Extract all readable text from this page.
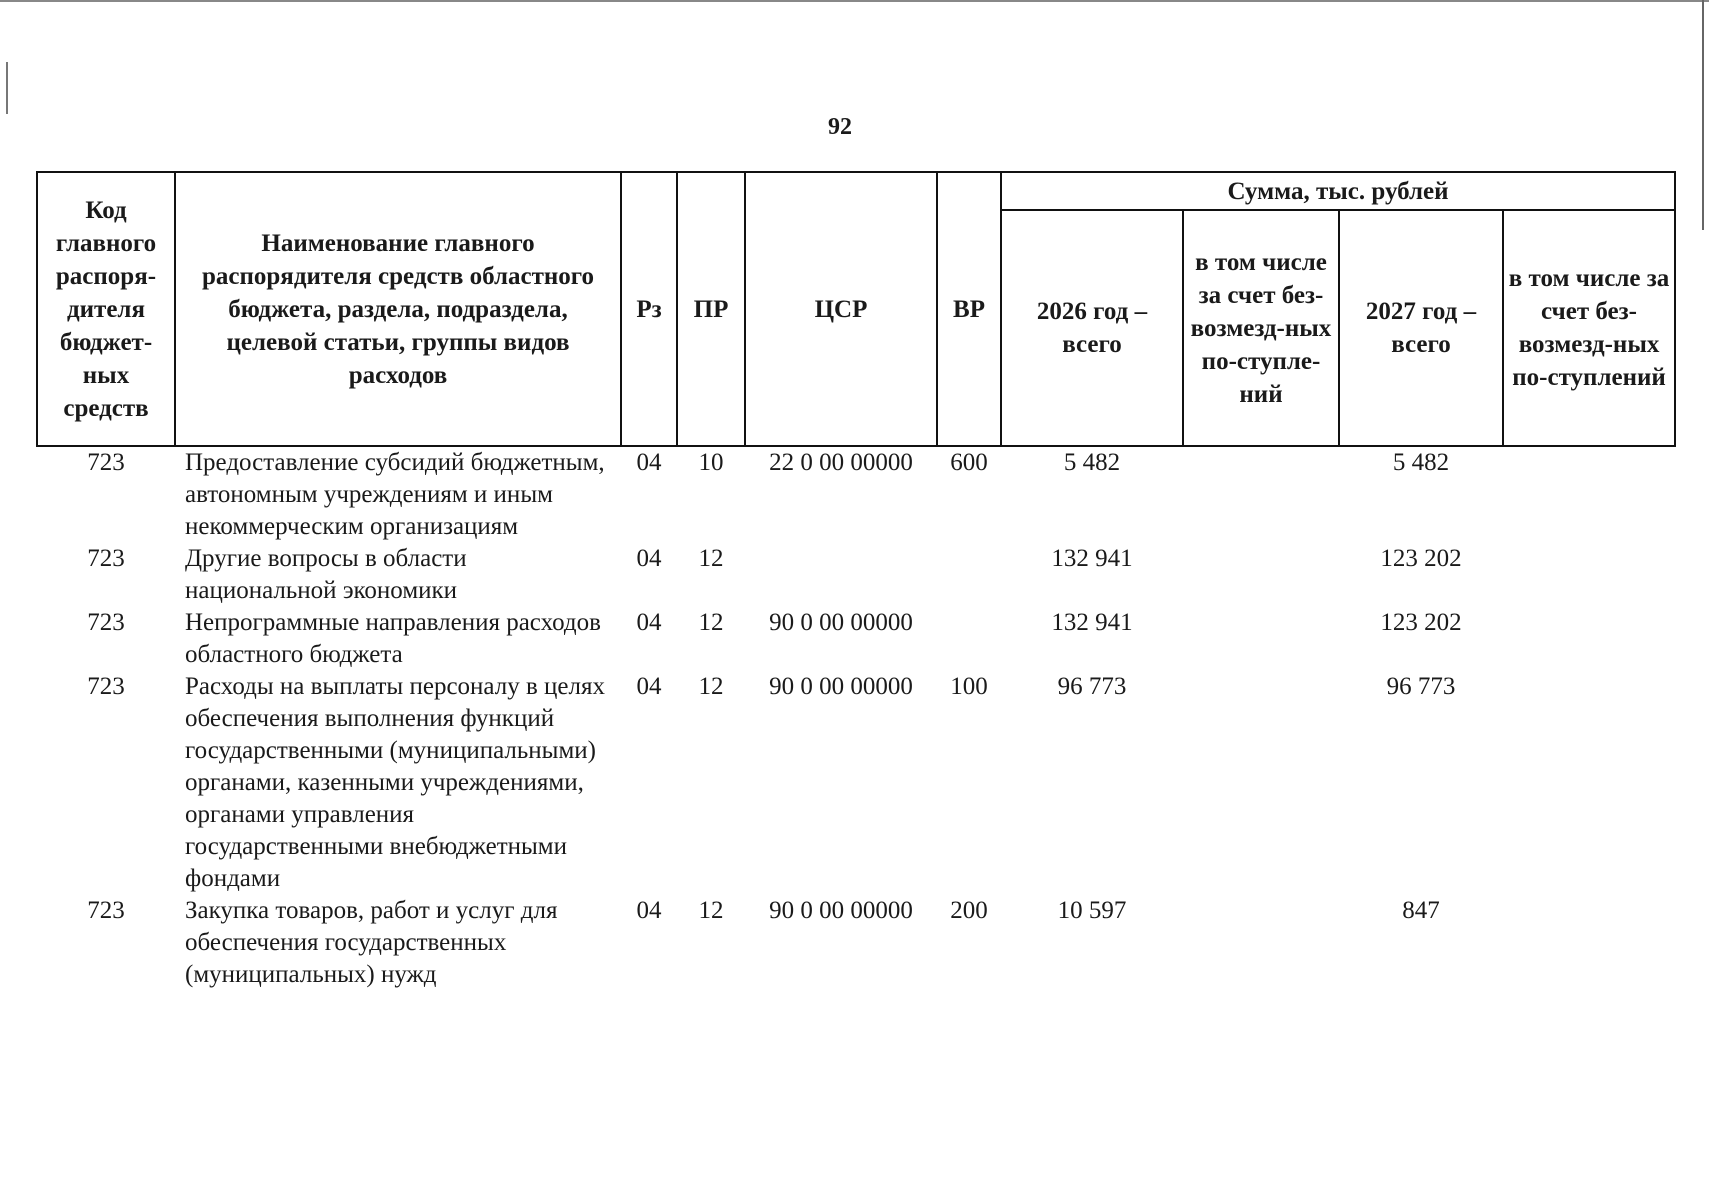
92
Код главного распоря-дителя бюджет-ных средств	Наименование главного распорядителя средств областного бюджета, раздела, подраздела, целевой статьи, группы видов расходов	Рз	ПР	ЦСР	ВР	Сумма, тыс. рублей			
						2026 год – всего	в том числе за счет без-возмезд-ных по-ступле-ний	2027 год – всего	в том числе за счет без-возмезд-ных по-ступлений
723	Предоставление субсидий бюджетным, автономным учреждениям и иным некоммерческим организациям	04	10	22 0 00 00000	600	5 482		5 482	
723	Другие вопросы в области национальной экономики	04	12			132 941		123 202	
723	Непрограммные направления расходов областного бюджета	04	12	90 0 00 00000		132 941		123 202	
723	Расходы на выплаты персоналу в целях обеспечения выполнения функций государственными (муниципальными) органами, казенными учреждениями, органами управления государственными внебюджетными фондами	04	12	90 0 00 00000	100	96 773		96 773	
723	Закупка товаров, работ и услуг для обеспечения государственных (муниципальных) нужд	04	12	90 0 00 00000	200	10 597		847	
